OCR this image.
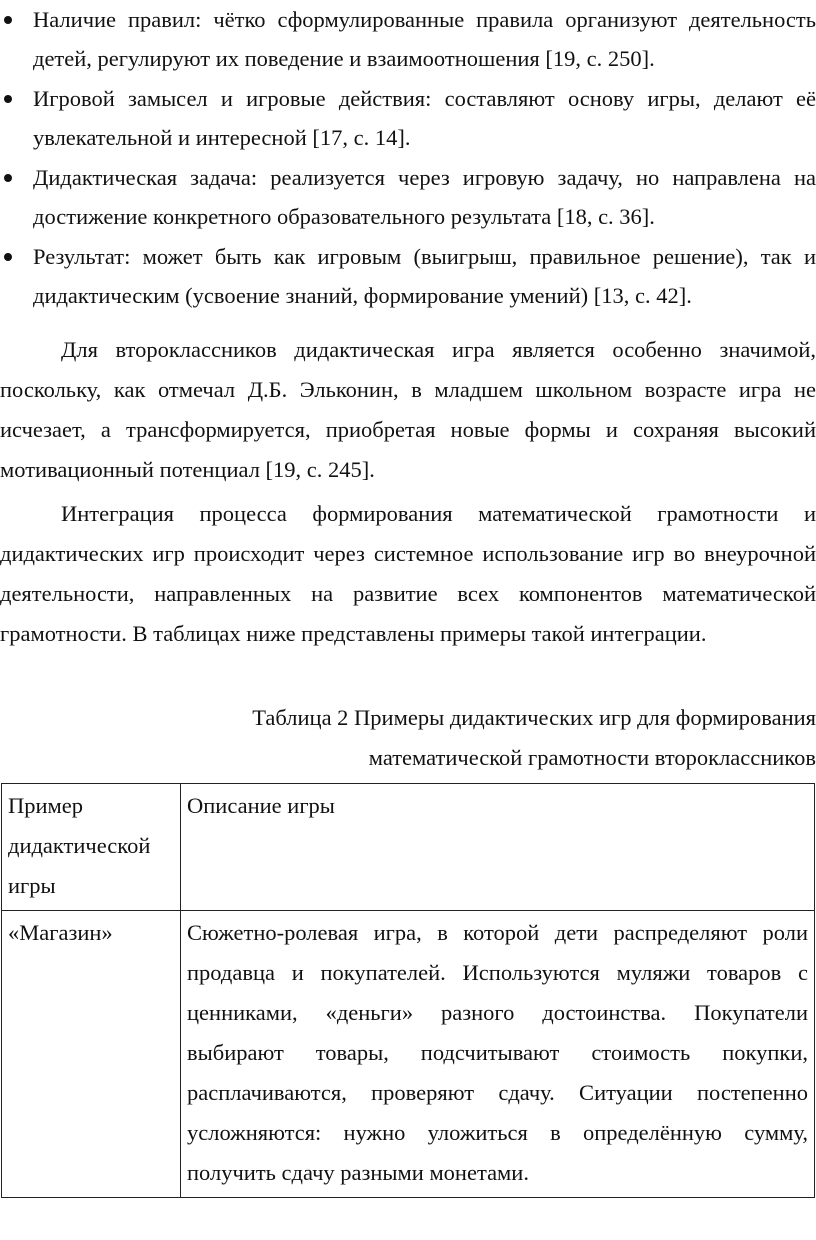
Наличие правил: чётко сформулированные правила организуют деятельность детей, регулируют их поведение и взаимоотношения [19, с. 250].
Игровой замысел и игровые действия: составляют основу игры, делают её увлекательной и интересной [17, с. 14].
Дидактическая задача: реализуется через игровую задачу, но направлена на достижение конкретного образовательного результата [18, с. 36].
Результат: может быть как игровым (выигрыш, правильное решение), так и дидактическим (усвоение знаний, формирование умений) [13, с. 42].

Для второклассников дидактическая игра является особенно значимой, поскольку, как отмечал Д.Б. Эльконин, в младшем школьном возрасте игра не исчезает, а трансформируется, приобретая новые формы и сохраняя высокий мотивационный потенциал [19, с. 245].

Интеграция процесса формирования математической грамотности и дидактических игр происходит через системное использование игр во внеурочной деятельности, направленных на развитие всех компонентов математической грамотности. В таблицах ниже представлены примеры такой интеграции.

Таблица 2 Примеры дидактических игр для формирования
математической грамотности второклассников

Пример дидактической игры	Описание игры
«Магазин»	Сюжетно-ролевая игра, в которой дети распределяют роли продавца и покупателей. Используются муляжи товаров с ценниками, «деньги» разного достоинства. Покупатели выбирают товары, подсчитывают стоимость покупки, расплачиваются, проверяют сдачу. Ситуации постепенно усложняются: нужно уложиться в определённую сумму, получить сдачу разными монетами.
